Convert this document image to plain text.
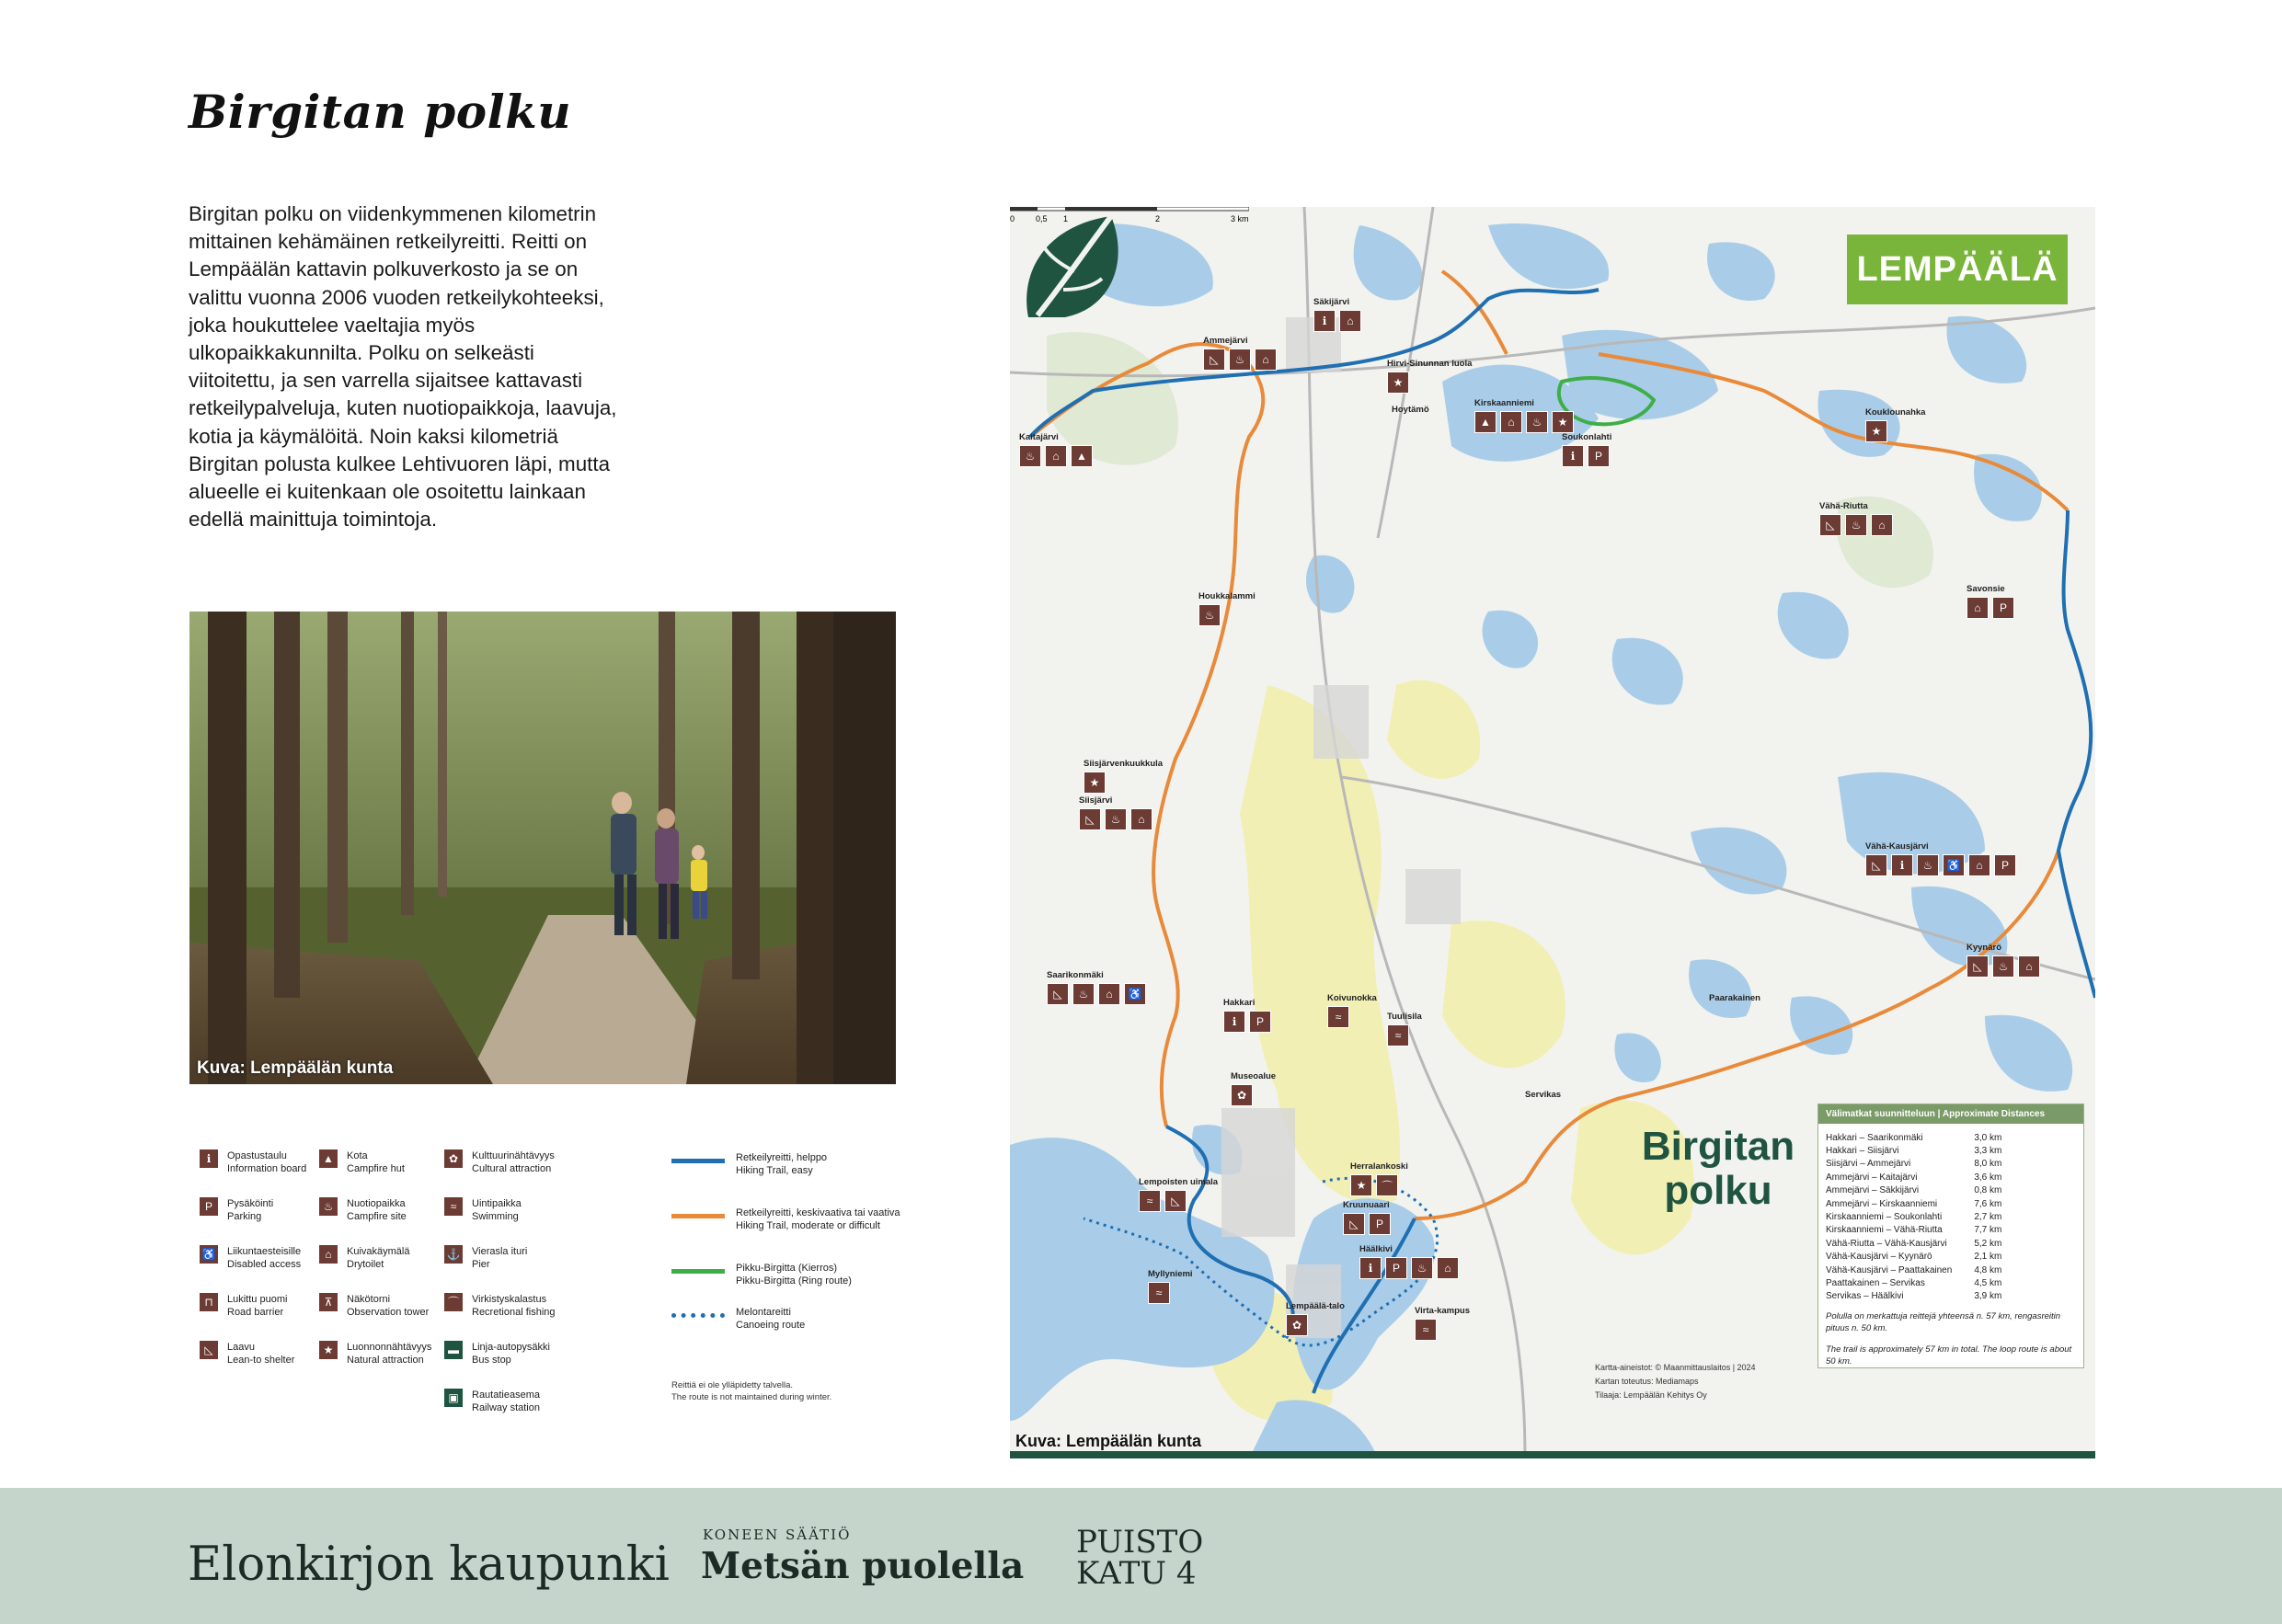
Birgitan polku
Birgitan polku on viidenkymmenen kilometrin mittainen kehämäinen retkeilyreitti. Reitti on Lempäälän kattavin polkuverkosto ja se on valittu vuonna 2006 vuoden retkeilykohteeksi, joka houkuttelee vaeltajia myös ulkopaikkakunnilta. Polku on selkeästi viitoitettu, ja sen varrella sijaitsee kattavasti retkeilypalveluja, kuten nuotiopaikkoja, laavuja, kotia ja käymälöitä. Noin kaksi kilometriä Birgitan polusta kulkee Lehtivuoren läpi, mutta alueelle ei kuitenkaan ole osoitettu lainkaan edellä mainittuja toimintoja.
Kuva: Lempäälän kunta
ℹ	Opastustaulu
Information board
P	Pysäköinti
Parking
♿ Liikuntaesteisille
Disabled access
⊓	Lukittu puomi
Road barrier
◺	Laavu
Lean-to shelter
▲	Kota
Campfire hut
♨	Nuotiopaikka
Campfire site
⌂	Kuivakäymälä
Drytoilet
⊼	Näkötorni
Observation tower
★	Luonnonnähtävyys
Natural attraction
✿	Kulttuurinähtävyys
Cultural attraction
≈	Uintipaikka
Swimming
⚓ Vierasla ituri
Pier
⌒	Virkistyskalastus
Recretional fishing
▬	Linja-autopysäkki
Bus stop
▣	Rautatieasema
Railway station
Retkeilyreitti, helppo
Hiking Trail, easy
Retkeilyreitti, keskivaativa tai vaativa
Hiking Trail, moderate or difficult
Pikku-Birgitta (Kierros)
Pikku-Birgitta (Ring route)
Melontareitti
Canoeing route
Reittiä ei ole ylläpidetty talvella.
The route is not maintained during winter.
LEMPÄÄLÄ
Säkijärvi
ℹ	⌂
Ammejärvi
◺	♨	⌂
Kaitajärvi
♨	⌂	▲
Hirvi-Sinunnan luola
★
Hoytämö
Kirskaanniemi
▲	⌂	♨	★
Soukonlahti
ℹ	P
Kouklounahka
★
Vähä-Riutta
◺	♨	⌂
Savonsie
⌂	P
Houkkalammi
♨
Siisjärvenkuukkula
★
Siisjärvi
◺	♨	⌂
Vähä-Kausjärvi
◺	ℹ	♨	♿	⌂	P
Saarikonmäki
◺	♨	⌂	♿
Kyynärö
◺	♨	⌂
Paarakainen
Hakkari
ℹ	P
Koivunokka
≈	Tuulisila
≈
Museoalue
✿	Servikas
Herralankoski
★	⌒
Kruunuaari
◺	P
Lempoisten uimala
≈	◺
Häälkivi
ℹ	P	♨	⌂
Myllyniemi
≈
Lempäälä-talo
✿
Virta-kampus
≈
Birgitan
polku
Kartta-aineistot: © Maanmittauslaitos | 2024
Kartan toteutus: Mediamaps
Tilaaja: Lempäälän Kehitys Oy
Välimatkat suunnitteluun | Approximate Distances
Hakkari – Saarikonmäki	3,0 km
Hakkari – Siisjärvi	3,3 km
Siisjärvi – Ammejärvi	8,0 km
Ammejärvi – Kaitajärvi	3,6 km
Ammejärvi – Säkkijärvi	0,8 km
Ammejärvi – Kirskaanniemi	7,6 km
Kirskaanniemi – Soukonlahti	2,7 km
Kirskaanniemi – Vähä-Riutta	7,7 km
Vähä-Riutta – Vähä-Kausjärvi	5,2 km
Vähä-Kausjärvi – Kyynärö	2,1 km
Vähä-Kausjärvi – Paattakainen	4,8 km
Paattakainen – Servikas	4,5 km
Servikas – Häälkivi	3,9 km
Polulla on merkattuja reittejä yhteensä n. 57 km, rengasreitin pituus n. 50 km.
The trail is approximately 57 km in total. The loop route is about 50 km.
0	0,5 1	2	3 km
Kuva: Lempäälän kunta
Elonkirjon kaupunki
KONEEN SÄÄTIÖ
Metsän puolella
PUISTO
KATU 4
